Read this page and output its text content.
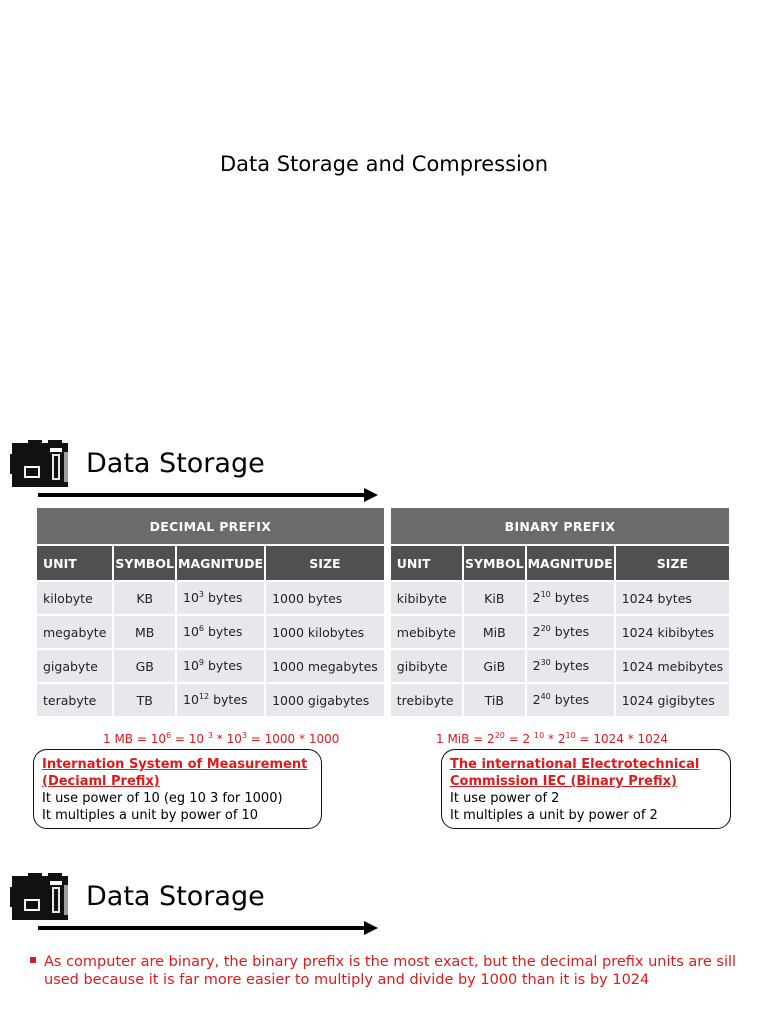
Data Storage and Compression
Data Storage
DECIMAL PREFIX			
UNIT	SYMBOL	MAGNITUDE	SIZE
kilobyte	KB	$10^3$ bytes	1000 bytes
megabyte	MB	$10^6$ bytes	1000 kilobytes
gigabyte	GB	$10^9$ bytes	1000 megabytes
terabyte	TB	$10^{12}$ bytes	1000 gigabytes
BINARY PREFIX			
UNIT	SYMBOL	MAGNITUDE	SIZE
kibibyte	KiB	$2^{10}$ bytes	1024 bytes
mebibyte	MiB	$2^{20}$ bytes	1024 kibibytes
gibibyte	GiB	$2^{30}$ bytes	1024 mebibytes
trebibyte	TiB	$2^{40}$ bytes	1024 gigibytes
1 MB = $10^6 = 10$ $^3 * 10^3 = 1000 * 1000$	1 MiB = $2^{20} = 2$ $^{10} * 2^{10} = 1024 * 1024$
Internation System of Measurement
(Deciaml Prefix)
It use power of 10 (eg 10 3 for 1000)
It multiples a unit by power of 10
The international Electrotechnical
Commission IEC (Binary Prefix)
It use power of 2
It multiples a unit by power of 2
Data Storage
As computer are binary, the binary prefix is the most exact, but the decimal prefix units are sill used because it is far more easier to multiply and divide by 1000 than it is by 1024
